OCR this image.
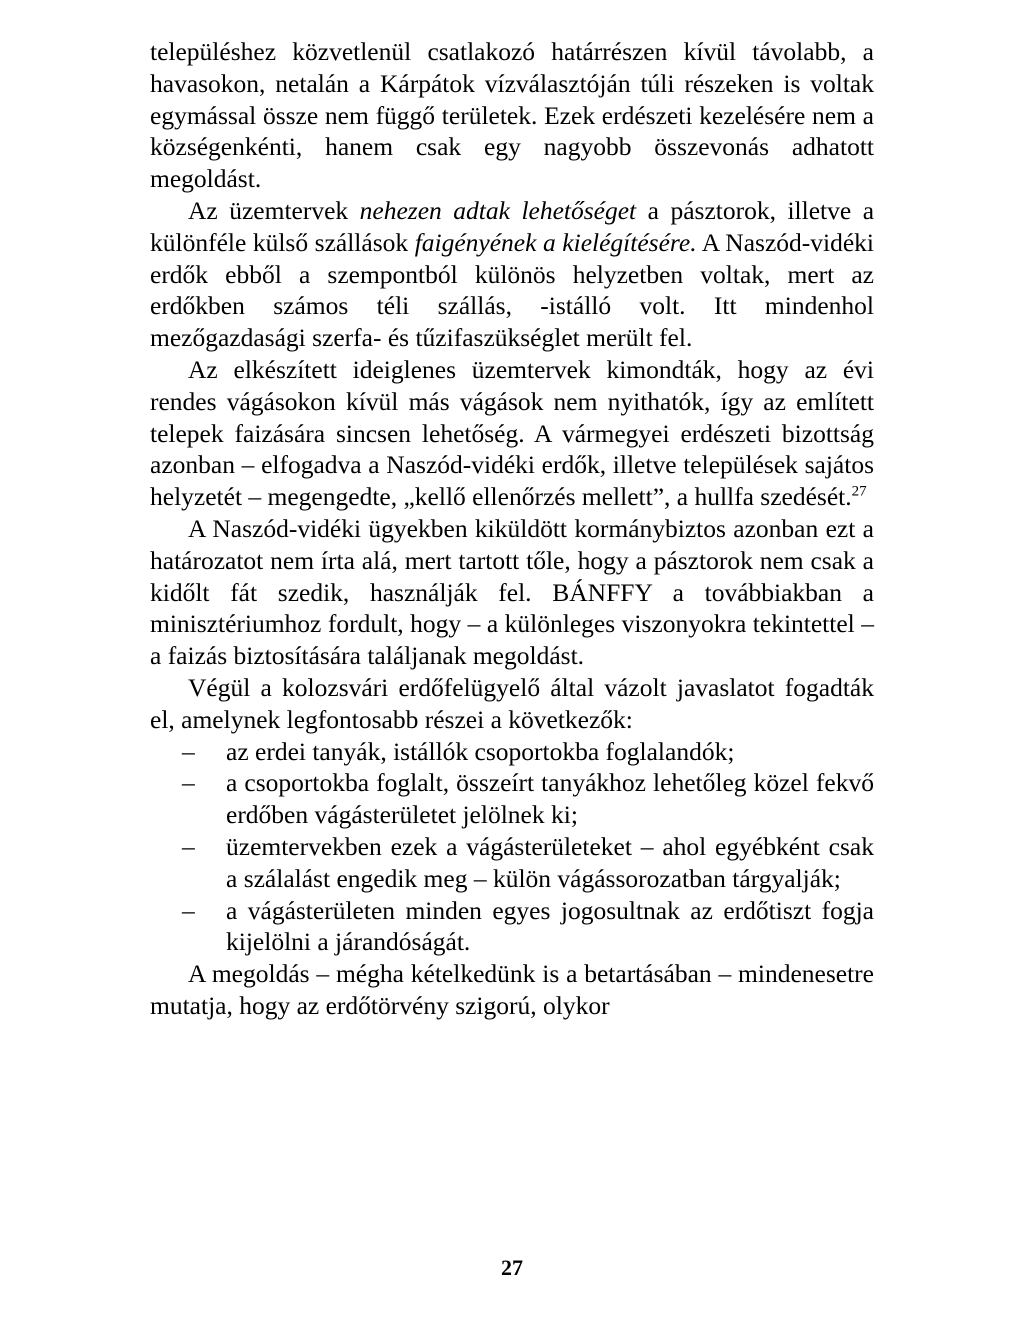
településhez közvetlenül csatlakozó határrészen kívül távolabb, a havasokon, netalán a Kárpátok vízválasztóján túli részeken is voltak egymással össze nem függő területek. Ezek erdészeti kezelésére nem a községenkénti, hanem csak egy nagyobb összevonás adhatott megoldást.

Az üzemtervek nehezen adtak lehetőséget a pásztorok, illetve a különféle külső szállások faigényének a kielégítésére. A Naszód-vidéki erdők ebből a szempontból különös helyzetben voltak, mert az erdőkben számos téli szállás, -istálló volt. Itt mindenhol mezőgazdasági szerfa- és tűzifaszükséglet merült fel.

Az elkészített ideiglenes üzemtervek kimondták, hogy az évi rendes vágásokon kívül más vágások nem nyithatók, így az említett telepek faizására sincsen lehetőség. A vármegyei erdészeti bizottság azonban – elfogadva a Naszód-vidéki erdők, illetve települések sajátos helyzetét – megengedte, „kellő ellenőrzés mellett”, a hullfa szedését.$^{27}$

A Naszód-vidéki ügyekben kiküldött kormánybiztos azonban ezt a határozatot nem írta alá, mert tartott tőle, hogy a pásztorok nem csak a kidőlt fát szedik, használják fel. BÁNFFY a továbbiakban a minisztériumhoz fordult, hogy – a különleges viszonyokra tekintettel – a faizás biztosítására találjanak megoldást.

Végül a kolozsvári erdőfelügyelő által vázolt javaslatot fogadták el, amelynek legfontosabb részei a következők:

– az erdei tanyák, istállók csoportokba foglalandók;
– a csoportokba foglalt, összeírt tanyákhoz lehetőleg közel fekvő erdőben vágásterületet jelölnek ki;
– üzemtervekben ezek a vágásterületeket – ahol egyébként csak a szálalást engedik meg – külön vágássorozatban tárgyalják;
– a vágásterületen minden egyes jogosultnak az erdőtiszt fogja kijelölni a járandóságát.

A megoldás – mégha kételkedünk is a betartásában – mindenesetre mutatja, hogy az erdőtörvény szigorú, olykor

27
